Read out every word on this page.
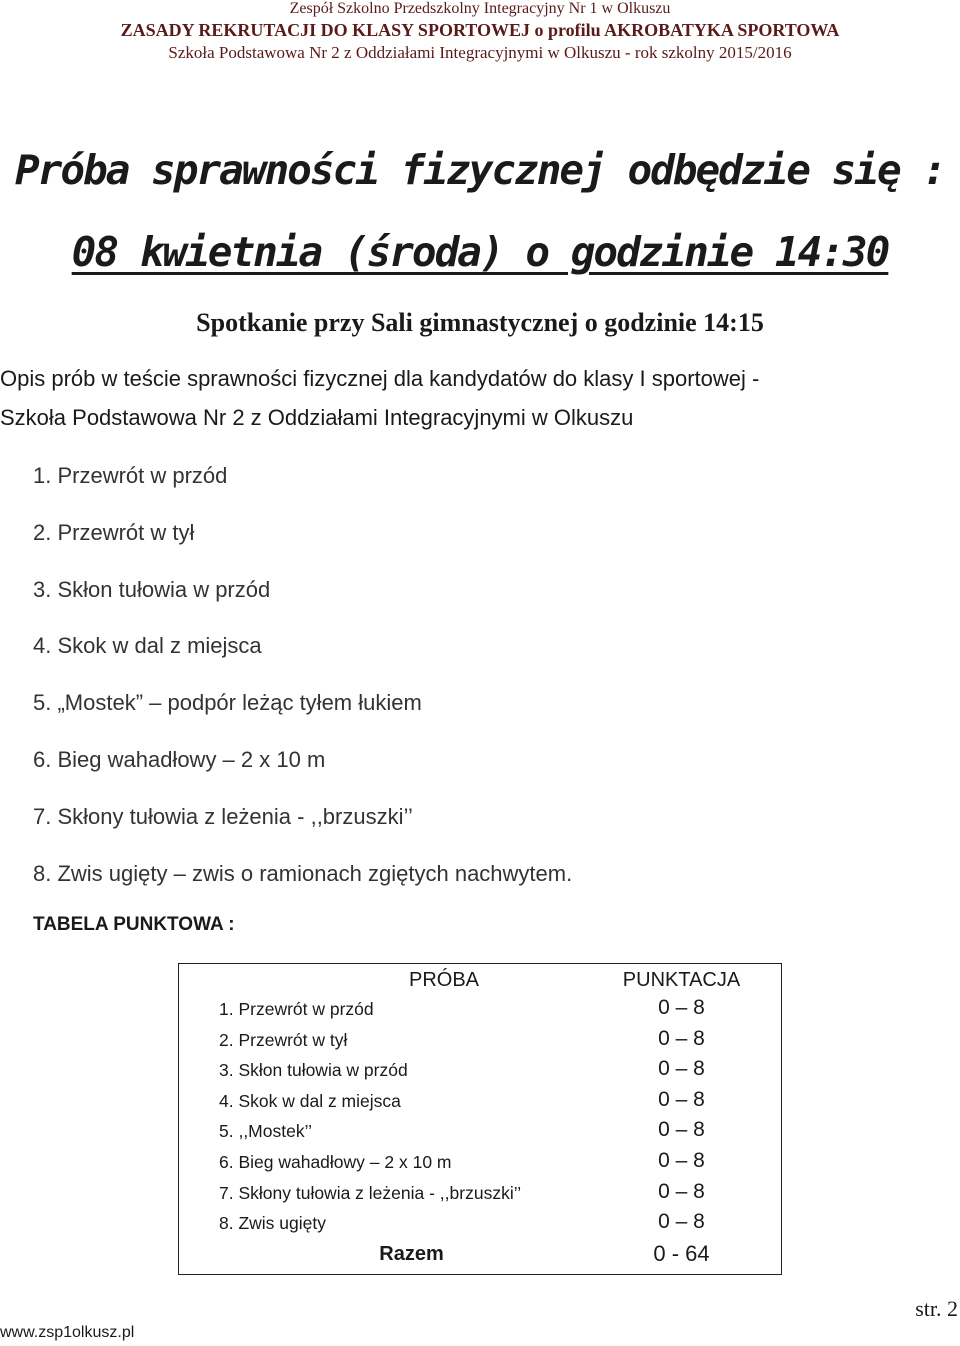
Zespół Szkolno Przedszkolny Integracyjny Nr 1 w Olkuszu
ZASADY REKRUTACJI DO KLASY SPORTOWEJ o profilu AKROBATYKA SPORTOWA
Szkoła Podstawowa Nr 2 z Oddziałami Integracyjnymi w Olkuszu - rok szkolny 2015/2016
Próba sprawności fizycznej odbędzie się :
08 kwietnia (środa) o godzinie 14:30
Spotkanie przy Sali gimnastycznej o godzinie 14:15
Opis prób w teście sprawności fizycznej dla kandydatów do klasy I sportowej -
Szkoła Podstawowa Nr 2 z Oddziałami Integracyjnymi w Olkuszu
1. Przewrót w przód
2. Przewrót w tył
3. Skłon tułowia w przód
4. Skok w dal z miejsca
5. „Mostek” – podpór leżąc tyłem łukiem
6. Bieg wahadłowy – 2 x 10 m
7. Skłony tułowia z leżenia - ,,brzuszki’’
8. Zwis ugięty – zwis o ramionach zgiętych nachwytem.
TABELA PUNKTOWA :
PRÓBA	PUNKTACJA
1. Przewrót w przód	0 – 8
2. Przewrót w tył	0 – 8
3. Skłon tułowia w przód	0 – 8
4. Skok w dal z miejsca	0 – 8
5. ,,Mostek’’	0 – 8
6. Bieg wahadłowy – 2 x 10 m	0 – 8
7. Skłony tułowia z leżenia - ,,brzuszki’’	0 – 8
8. Zwis ugięty	0 – 8
Razem	0 - 64
www.zsp1olkusz.pl
str. 2
